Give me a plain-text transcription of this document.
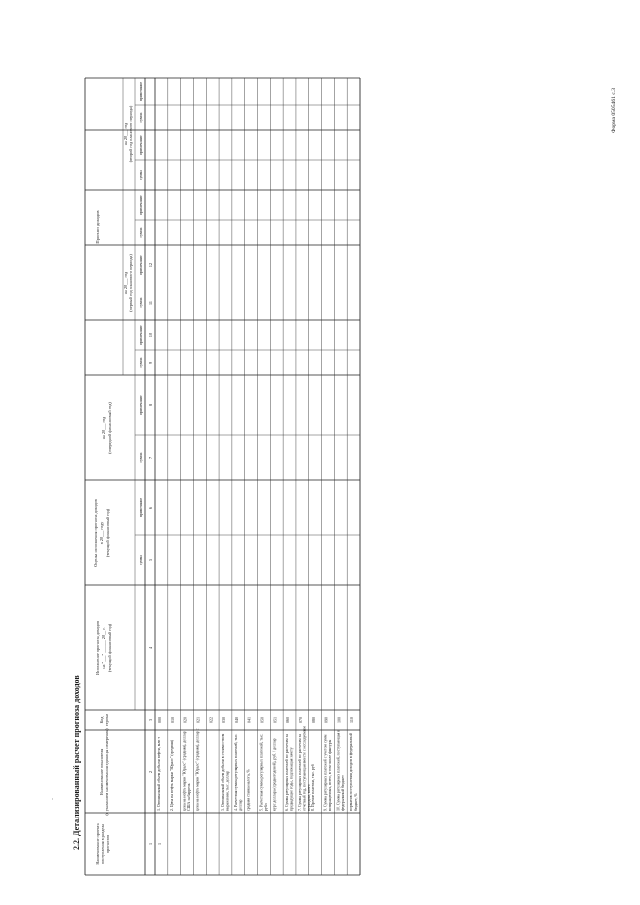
Форма 0505461 с.3
2.2. Детализированный расчет прогноза доходов	Наименование проекта поступления в раздела прогнозов
Наименование показателя (с указанием наименования единицы измерения)
Код строки
Исполнение прогноза доходов на "___" ______ 20__ г. (текущий финансовый год)
Оценка исполнения прогноза доходов в 20___ году (текущий финансовый год)
на 20___ год (очередной финансовый год)
Прогноз доходов
на 20___ год (первый год планового периода)
на 20___ год (второй год планового периода)
сумма
примечание
сумма
примечание
сумма
примечание
сумма
примечание
сумма
примечание
сумма
примечание
сумма
примечание
1
2
3
4
5
6
7
8
9
10
11
12
1. Оптимальный объем добычи нефти, млн т
000
2. Цена на нефть марки "Юралс" (средняя)
010
цена на нефть марки "Юралс" (средняя), доллар США за баррель
020
цена на нефть марки "Юралс" (средняя), доллар с
021 022
3. Оптимальный объем добычи в стоимостном выражении, тыс. доллар
030
4. Расчетная сумма регулярных платежей, тыс. доллар
040
средняя ставка налога, %
041
5. Расчетная сумма регулярных платежей, тыс. рубл
050
курс доллара (среднегодовой), руб. / доллар
051
6. Сумма регулярных платежей по расчетам за предыдущие годы, подлежащая зачету
060
7. Сумма регулярных платежей по расчетам за отчетный год, поступающая вместе с исследуемым периодом, всего
070
8. Прочие платежи, тыс. руб
080
9. Сумма регулярных платежей с учетом сумм возвращенных, всего, в том числе фактуры
090
10. Сумма регулярных платежей, поступающая в федеральный бюджет
100
норматив поступления доходов в федеральный бюджет, %
110
1
'
